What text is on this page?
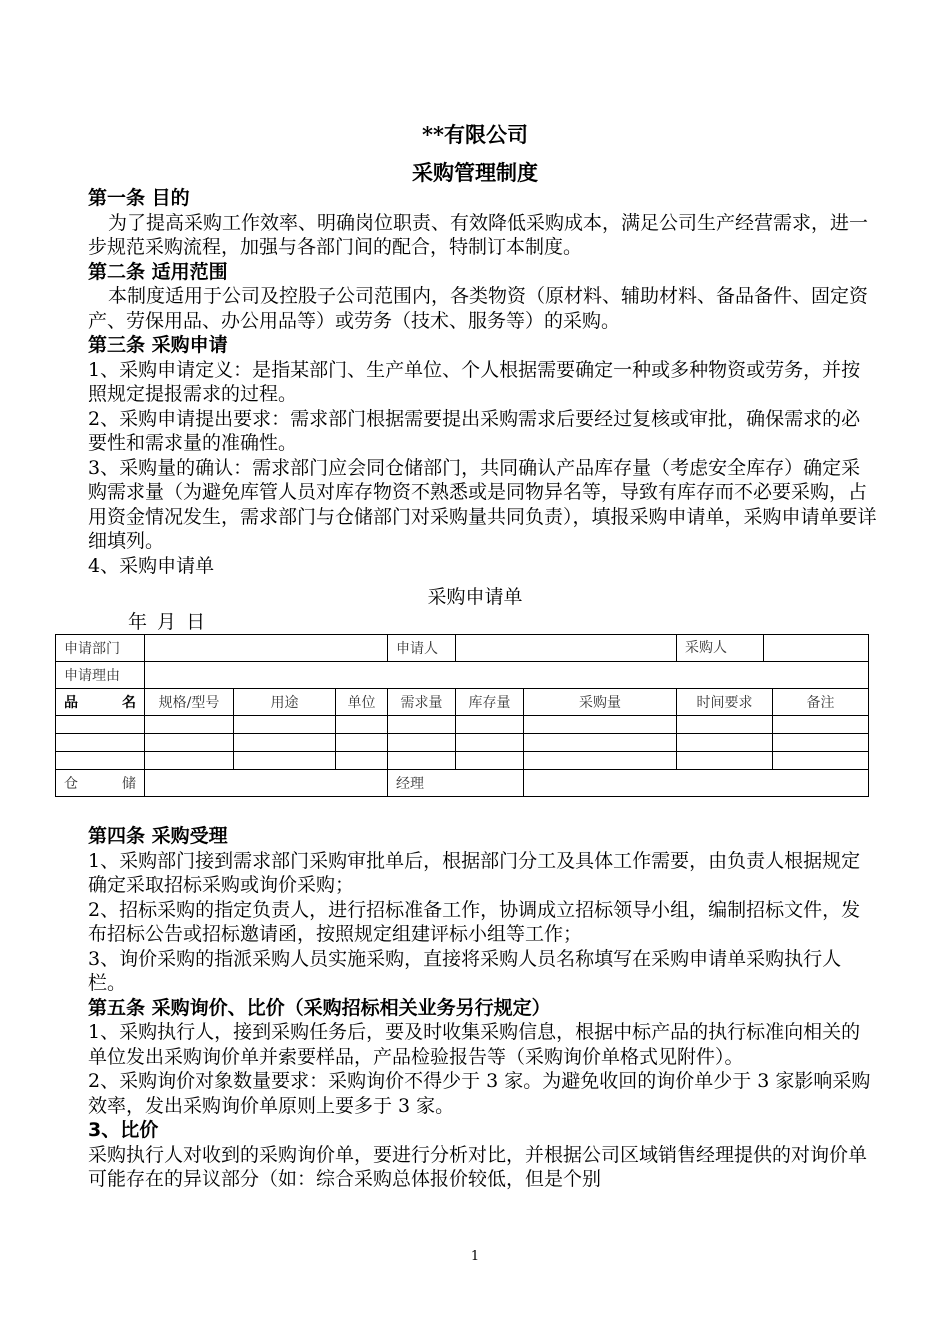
**有限公司
采购管理制度

第一条 目的

为了提高采购工作效率、明确岗位职责、有效降低采购成本，满足公司生产经营需求，进一步规范采购流程，加强与各部门间的配合，特制订本制度。

第二条 适用范围

本制度适用于公司及控股子公司范围内，各类物资（原材料、辅助材料、备品备件、固定资产、劳保用品、办公用品等）或劳务（技术、服务等）的采购。

第三条 采购申请

1、采购申请定义：是指某部门、生产单位、个人根据需要确定一种或多种物资或劳务，并按照规定提报需求的过程。

2、采购申请提出要求：需求部门根据需要提出采购需求后要经过复核或审批，确保需求的必要性和需求量的准确性。

3、采购量的确认：需求部门应会同仓储部门，共同确认产品库存量（考虑安全库存）确定采购需求量（为避免库管人员对库存物资不熟悉或是同物异名等，导致有库存而不必要采购，占用资金情况发生，需求部门与仓储部门对采购量共同负责），填报采购申请单，采购申请单要详细填列。

4、采购申请单

采购申请单
年 月 日
申请部门				申请人			采购人	

申请理由								

品 名	规格/型号	用途	单位	需求量	库存量	采购量	时间要求	备注

仓 储				经理				

第四条 采购受理

1、采购部门接到需求部门采购审批单后，根据部门分工及具体工作需要，由负责人根据规定确定采取招标采购或询价采购；

2、招标采购的指定负责人，进行招标准备工作，协调成立招标领导小组，编制招标文件，发布招标公告或招标邀请函，按照规定组建评标小组等工作；

3、询价采购的指派采购人员实施采购，直接将采购人员名称填写在采购申请单采购执行人栏。

第五条 采购询价、比价（采购招标相关业务另行规定）

1、采购执行人，接到采购任务后，要及时收集采购信息，根据中标产品的执行标准向相关的单位发出采购询价单并索要样品，产品检验报告等（采购询价单格式见附件）。

2、采购询价对象数量要求：采购询价不得少于 3 家。为避免收回的询价单少于 3 家影响采购效率，发出采购询价单原则上要多于 3 家。

3、比价

采购执行人对收到的采购询价单，要进行分析对比，并根据公司区域销售经理提供的对询价单可能存在的异议部分（如：综合采购总体报价较低，但是个别

1
